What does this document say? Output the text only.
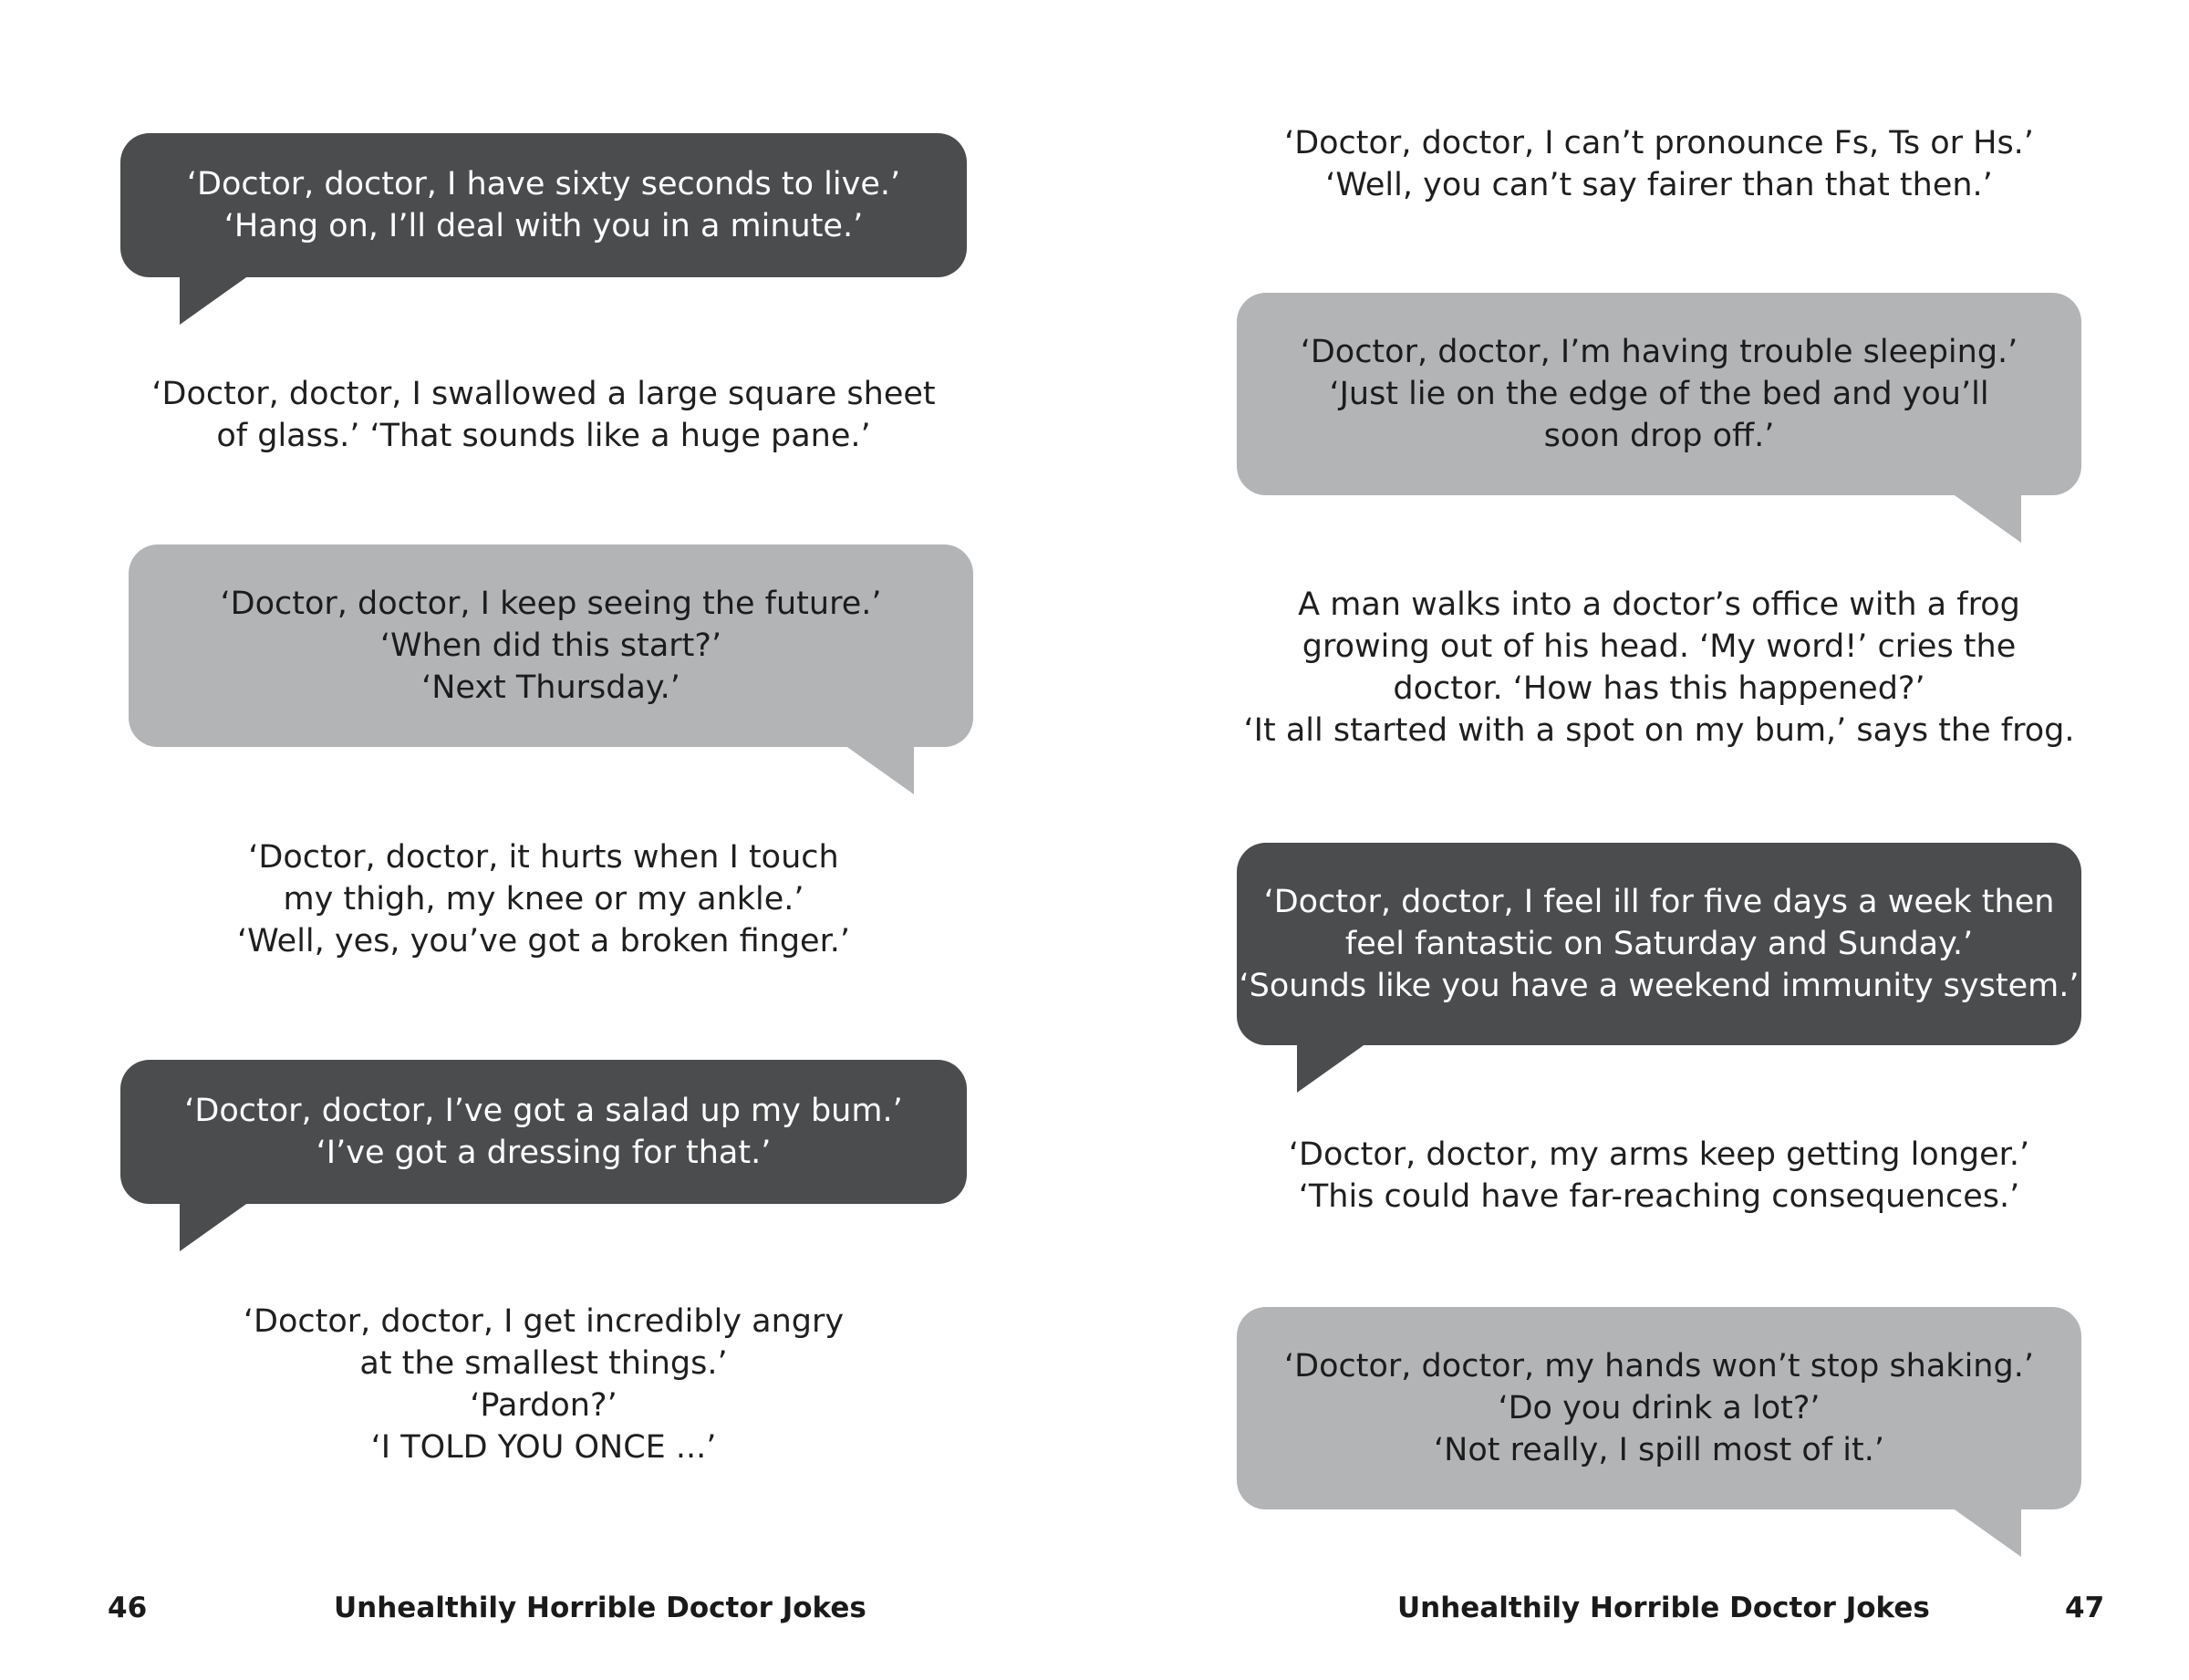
‘Doctor, doctor, I have sixty seconds to live.’
‘Hang on, I’ll deal with you in a minute.’
‘Doctor, doctor, I swallowed a large square sheet
of glass.’ ‘That sounds like a huge pane.’
‘Doctor, doctor, I keep seeing the future.’
‘When did this start?’
‘Next Thursday.’
‘Doctor, doctor, it hurts when I touch
my thigh, my knee or my ankle.’
‘Well, yes, you’ve got a broken finger.’
‘Doctor, doctor, I’ve got a salad up my bum.’
‘I’ve got a dressing for that.’
‘Doctor, doctor, I get incredibly angry
at the smallest things.’
‘Pardon?’
‘I TOLD YOU ONCE ...’
46	Unhealthily Horrible Doctor Jokes
‘Doctor, doctor, I can’t pronounce Fs, Ts or Hs.’
‘Well, you can’t say fairer than that then.’
‘Doctor, doctor, I’m having trouble sleeping.’
‘Just lie on the edge of the bed and you’ll
soon drop off.’
A man walks into a doctor’s office with a frog
growing out of his head. ‘My word!’ cries the
doctor. ‘How has this happened?’
‘It all started with a spot on my bum,’ says the frog.
‘Doctor, doctor, I feel ill for five days a week then
feel fantastic on Saturday and Sunday.’
‘Sounds like you have a weekend immunity system.’
‘Doctor, doctor, my arms keep getting longer.’
‘This could have far-reaching consequences.’
‘Doctor, doctor, my hands won’t stop shaking.’
‘Do you drink a lot?’
‘Not really, I spill most of it.’
Unhealthily Horrible Doctor Jokes	47
